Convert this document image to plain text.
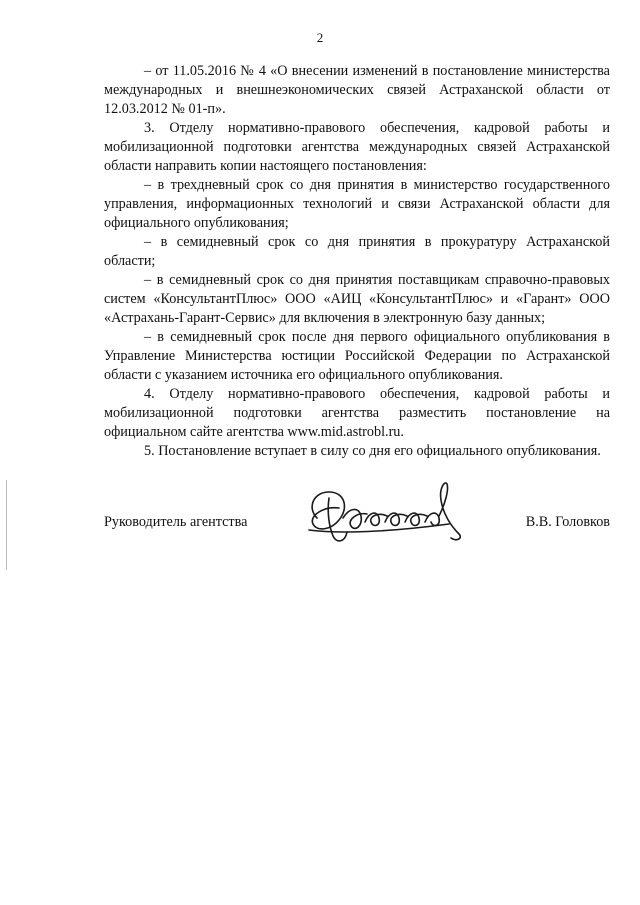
2

– от 11.05.2016 № 4 «О внесении изменений в постановление министерства международных и внешнеэкономических связей Астраханской области от 12.03.2012 № 01-п».

3. Отделу нормативно-правового обеспечения, кадровой работы и мобилизационной подготовки агентства международных связей Астраханской области направить копии настоящего постановления:

– в трехдневный срок со дня принятия в министерство государственного управления, информационных технологий и связи Астраханской области для официального опубликования;

– в семидневный срок со дня принятия в прокуратуру Астраханской области;

– в семидневный срок со дня принятия поставщикам справочно-правовых систем «КонсультантПлюс» ООО «АИЦ «КонсультантПлюс» и «Гарант» ООО «Астрахань-Гарант-Сервис» для включения в электронную базу данных;

– в семидневный срок после дня первого официального опубликования в Управление Министерства юстиции Российской Федерации по Астраханской области с указанием источника его официального опубликования.

4. Отделу нормативно-правового обеспечения, кадровой работы и мобилизационной подготовки агентства разместить постановление на официальном сайте агентства www.mid.astrobl.ru.

5. Постановление вступает в силу со дня его официального опубликования.

Руководитель агентства	В.В. Головков
